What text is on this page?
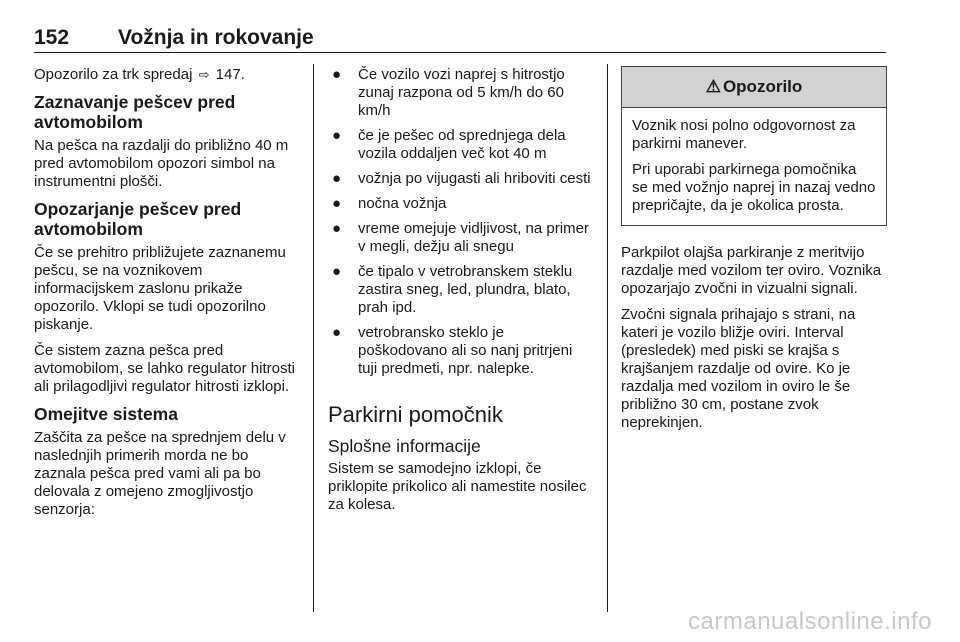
152 Vožnja in rokovanje

Opozorilo za trk spredaj ⇨ 147.

Zaznavanje pešcev pred avtomobilom

Na pešca na razdalji do približno 40 m pred avtomobilom opozori simbol na instrumentni plošči.

Opozarjanje pešcev pred avtomobilom

Če se prehitro približujete zaznanemu pešcu, se na voznikovem informacijskem zaslonu prikaže opozorilo. Vklopi se tudi opozorilno piskanje.

Če sistem zazna pešca pred avtomobilom, se lahko regulator hitrosti ali prilagodljivi regulator hitrosti izklopi.

Omejitve sistema

Zaščita za pešce na sprednjem delu v naslednjih primerih morda ne bo zaznala pešca pred vami ali pa bo delovala z omejeno zmogljivostjo senzorja:

● Če vozilo vozi naprej s hitrostjo zunaj razpona od 5 km/h do 60 km/h
● če je pešec od sprednjega dela vozila oddaljen več kot 40 m
● vožnja po vijugasti ali hriboviti cesti
● nočna vožnja
● vreme omejuje vidljivost, na primer v megli, dežju ali snegu
● če tipalo v vetrobranskem steklu zastira sneg, led, plundra, blato, prah ipd.
● vetrobransko steklo je poškodovano ali so nanj pritrjeni tuji predmeti, npr. nalepke.
Parkirni pomočnik
Splošne informacije

Sistem se samodejno izklopi, če priklopite prikolico ali namestite nosilec za kolesa.

⚠ Opozorilo

Voznik nosi polno odgovornost za parkirni manever.

Pri uporabi parkirnega pomočnika se med vožnjo naprej in nazaj vedno prepričajte, da je okolica prosta.

Parkpilot olajša parkiranje z meritvijo razdalje med vozilom ter oviro. Voznika opozarjajo zvočni in vizualni signali.

Zvočni signala prihajajo s strani, na kateri je vozilo bližje oviri. Interval (presledek) med piski se krajša s krajšanjem razdalje od ovire. Ko je razdalja med vozilom in oviro le še približno 30 cm, postane zvok neprekinjen.

carmanualsonline.info
